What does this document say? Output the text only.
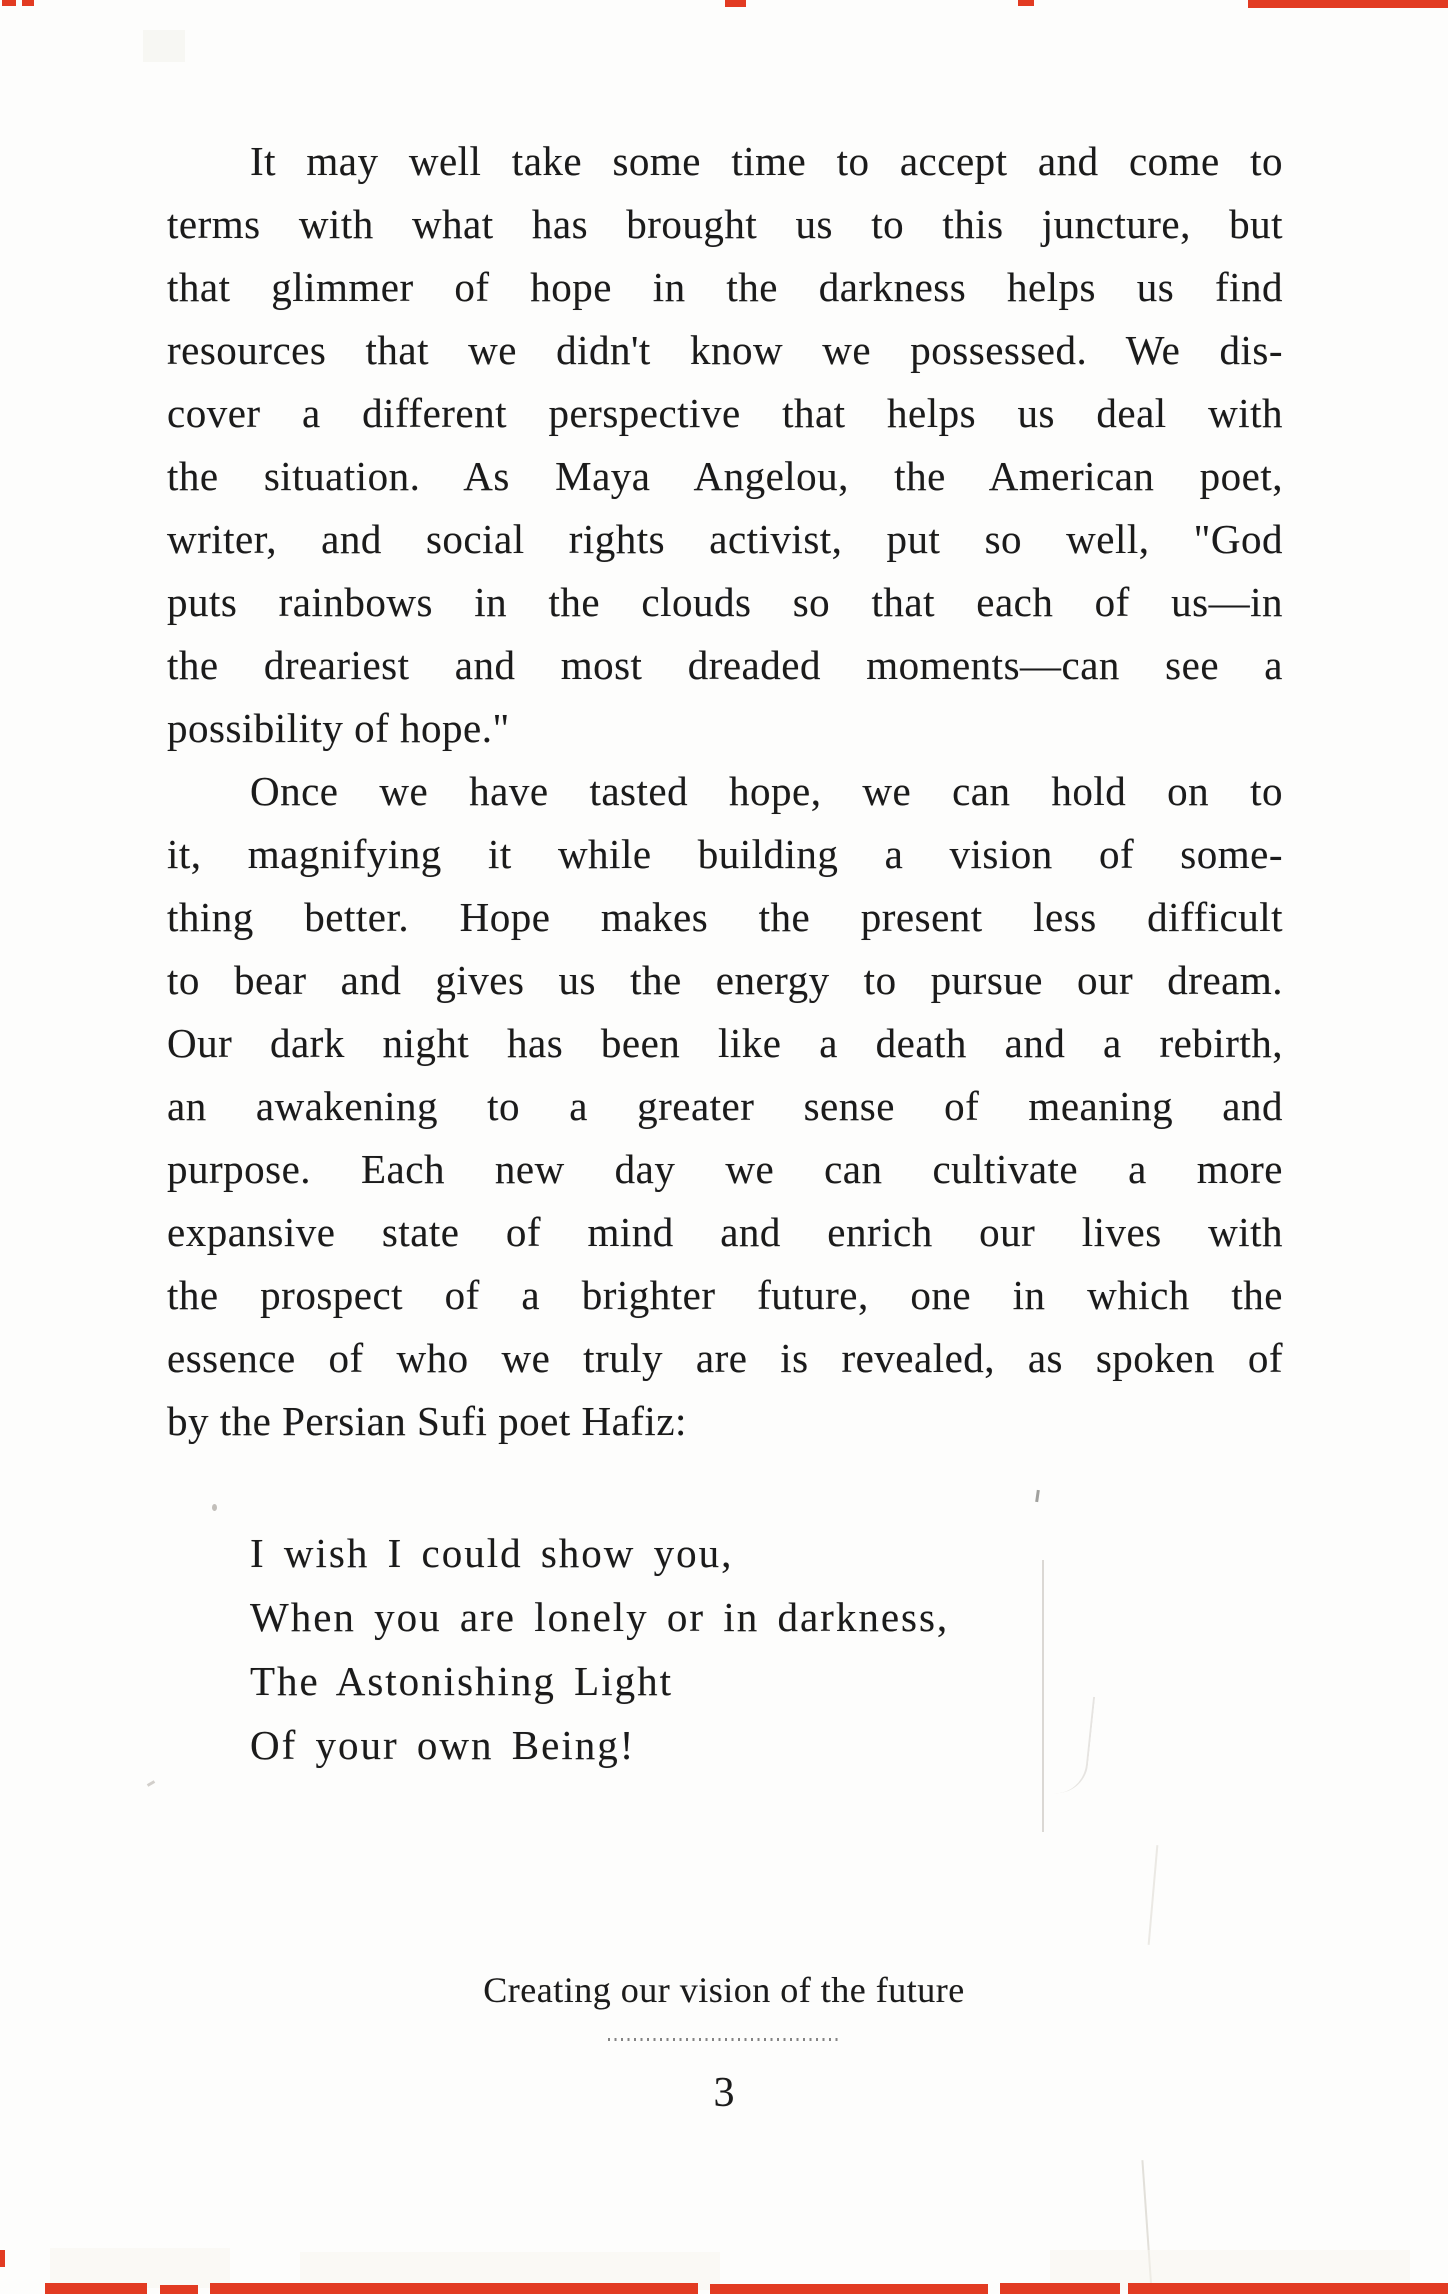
It may well take some time to accept and come to
terms with what has brought us to this juncture, but
that glimmer of hope in the darkness helps us find
resources that we didn't know we possessed. We dis-
cover a different perspective that helps us deal with
the situation. As Maya Angelou, the American poet,
writer, and social rights activist, put so well, "God
puts rainbows in the clouds so that each of us—in
the dreariest and most dreaded moments—can see a
possibility of hope."
Once we have tasted hope, we can hold on to
it, magnifying it while building a vision of some-
thing better. Hope makes the present less difficult
to bear and gives us the energy to pursue our dream.
Our dark night has been like a death and a rebirth,
an awakening to a greater sense of meaning and
purpose. Each new day we can cultivate a more
expansive state of mind and enrich our lives with
the prospect of a brighter future, one in which the
essence of who we truly are is revealed, as spoken of
by the Persian Sufi poet Hafiz:
I wish I could show you,
When you are lonely or in darkness,
The Astonishing Light
Of your own Being!
Creating our vision of the future
3
